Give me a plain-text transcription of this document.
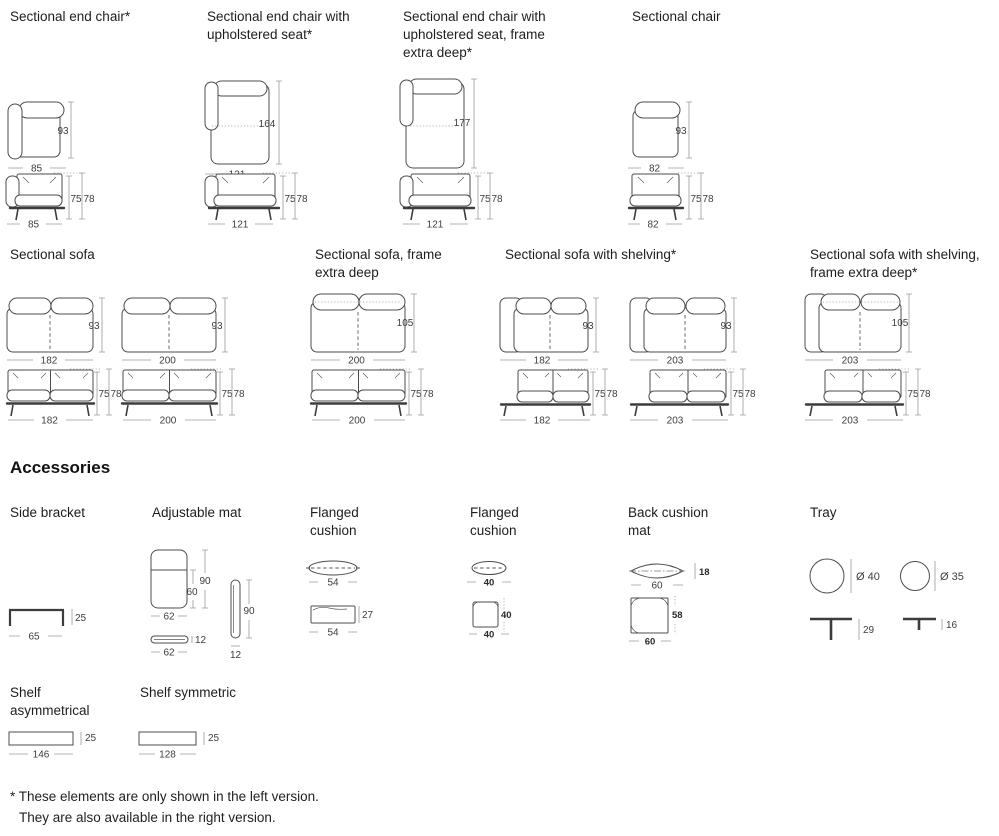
Sectional end chair*	Sectional end chair with upholstered seat*
Sectional end chair with upholstered seat, frame extra deep*
Sectional chair
93
85
75 78
85
164
75 78
121
177
75 78
121
93
82
75 78
82
Sectional sofa	Sectional sofa, frame extra deep
Sectional sofa with shelving*	Sectional sofa with shelving, frame extra deep*
93
182
93
200
75 78
182
75 78
200
105
200
75 78
200
93
182
93
203
75 78
182
75 78
203
105
203
75 78
203
Accessories
Side bracket	Adjustable mat	Flanged cushion
Flanged cushion
Back cushion mat
Tray
25
65
60
90
62
12
62
90
12
54
27
54
40
40
40
18
60
58
60
Ø 40	Ø 35
29	16
Shelf asymmetrical
Shelf symmetric
25
146
25
128
* These elements are only shown in the left version.
They are also available in the right version.
